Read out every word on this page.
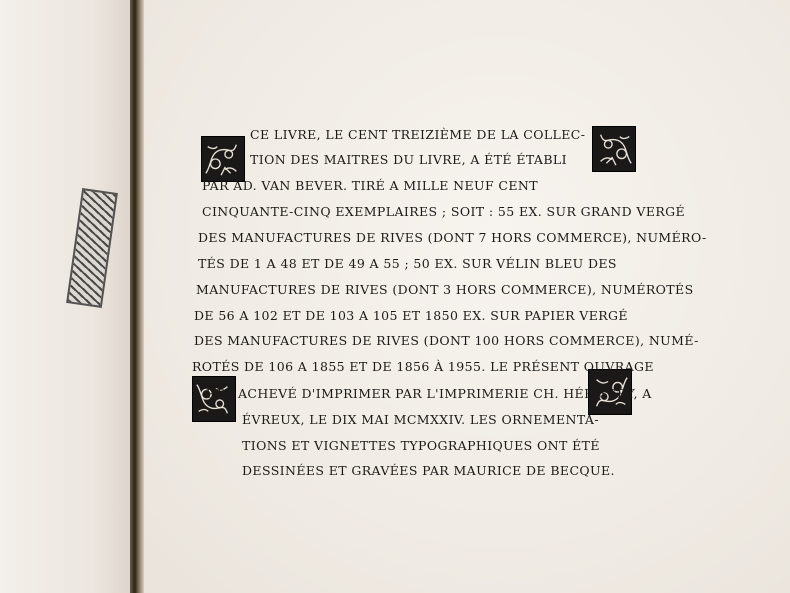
CE LIVRE, LE CENT TREIZIÈME DE LA COLLEC-
TION DES MAITRES DU LIVRE, A ÉTÉ ÉTABLI
PAR AD. VAN BEVER. TIRÉ A MILLE NEUF CENT
CINQUANTE-CINQ EXEMPLAIRES ; SOIT : 55 EX. SUR GRAND VERGÉ
DES MANUFACTURES DE RIVES (DONT 7 HORS COMMERCE), NUMÉRO-
TÉS DE 1 A 48 ET DE 49 A 55 ; 50 EX. SUR VÉLIN BLEU DES
MANUFACTURES DE RIVES (DONT 3 HORS COMMERCE), NUMÉROTÉS
DE 56 A 102 ET DE 103 A 105 ET 1850 EX. SUR PAPIER VERGÉ
DES MANUFACTURES DE RIVES (DONT 100 HORS COMMERCE), NUMÉ-
ROTÉS DE 106 A 1855 ET DE 1856 À 1955. LE PRÉSENT OUVRAGE
A ÉTÉ ACHEVÉ D'IMPRIMER PAR L'IMPRIMERIE CH. HÉRISSEY, A
ÉVREUX, LE DIX MAI MCMXXIV. LES ORNEMENTA-
TIONS ET VIGNETTES TYPOGRAPHIQUES ONT ÉTÉ
DESSINÉES ET GRAVÉES PAR MAURICE DE BECQUE.
